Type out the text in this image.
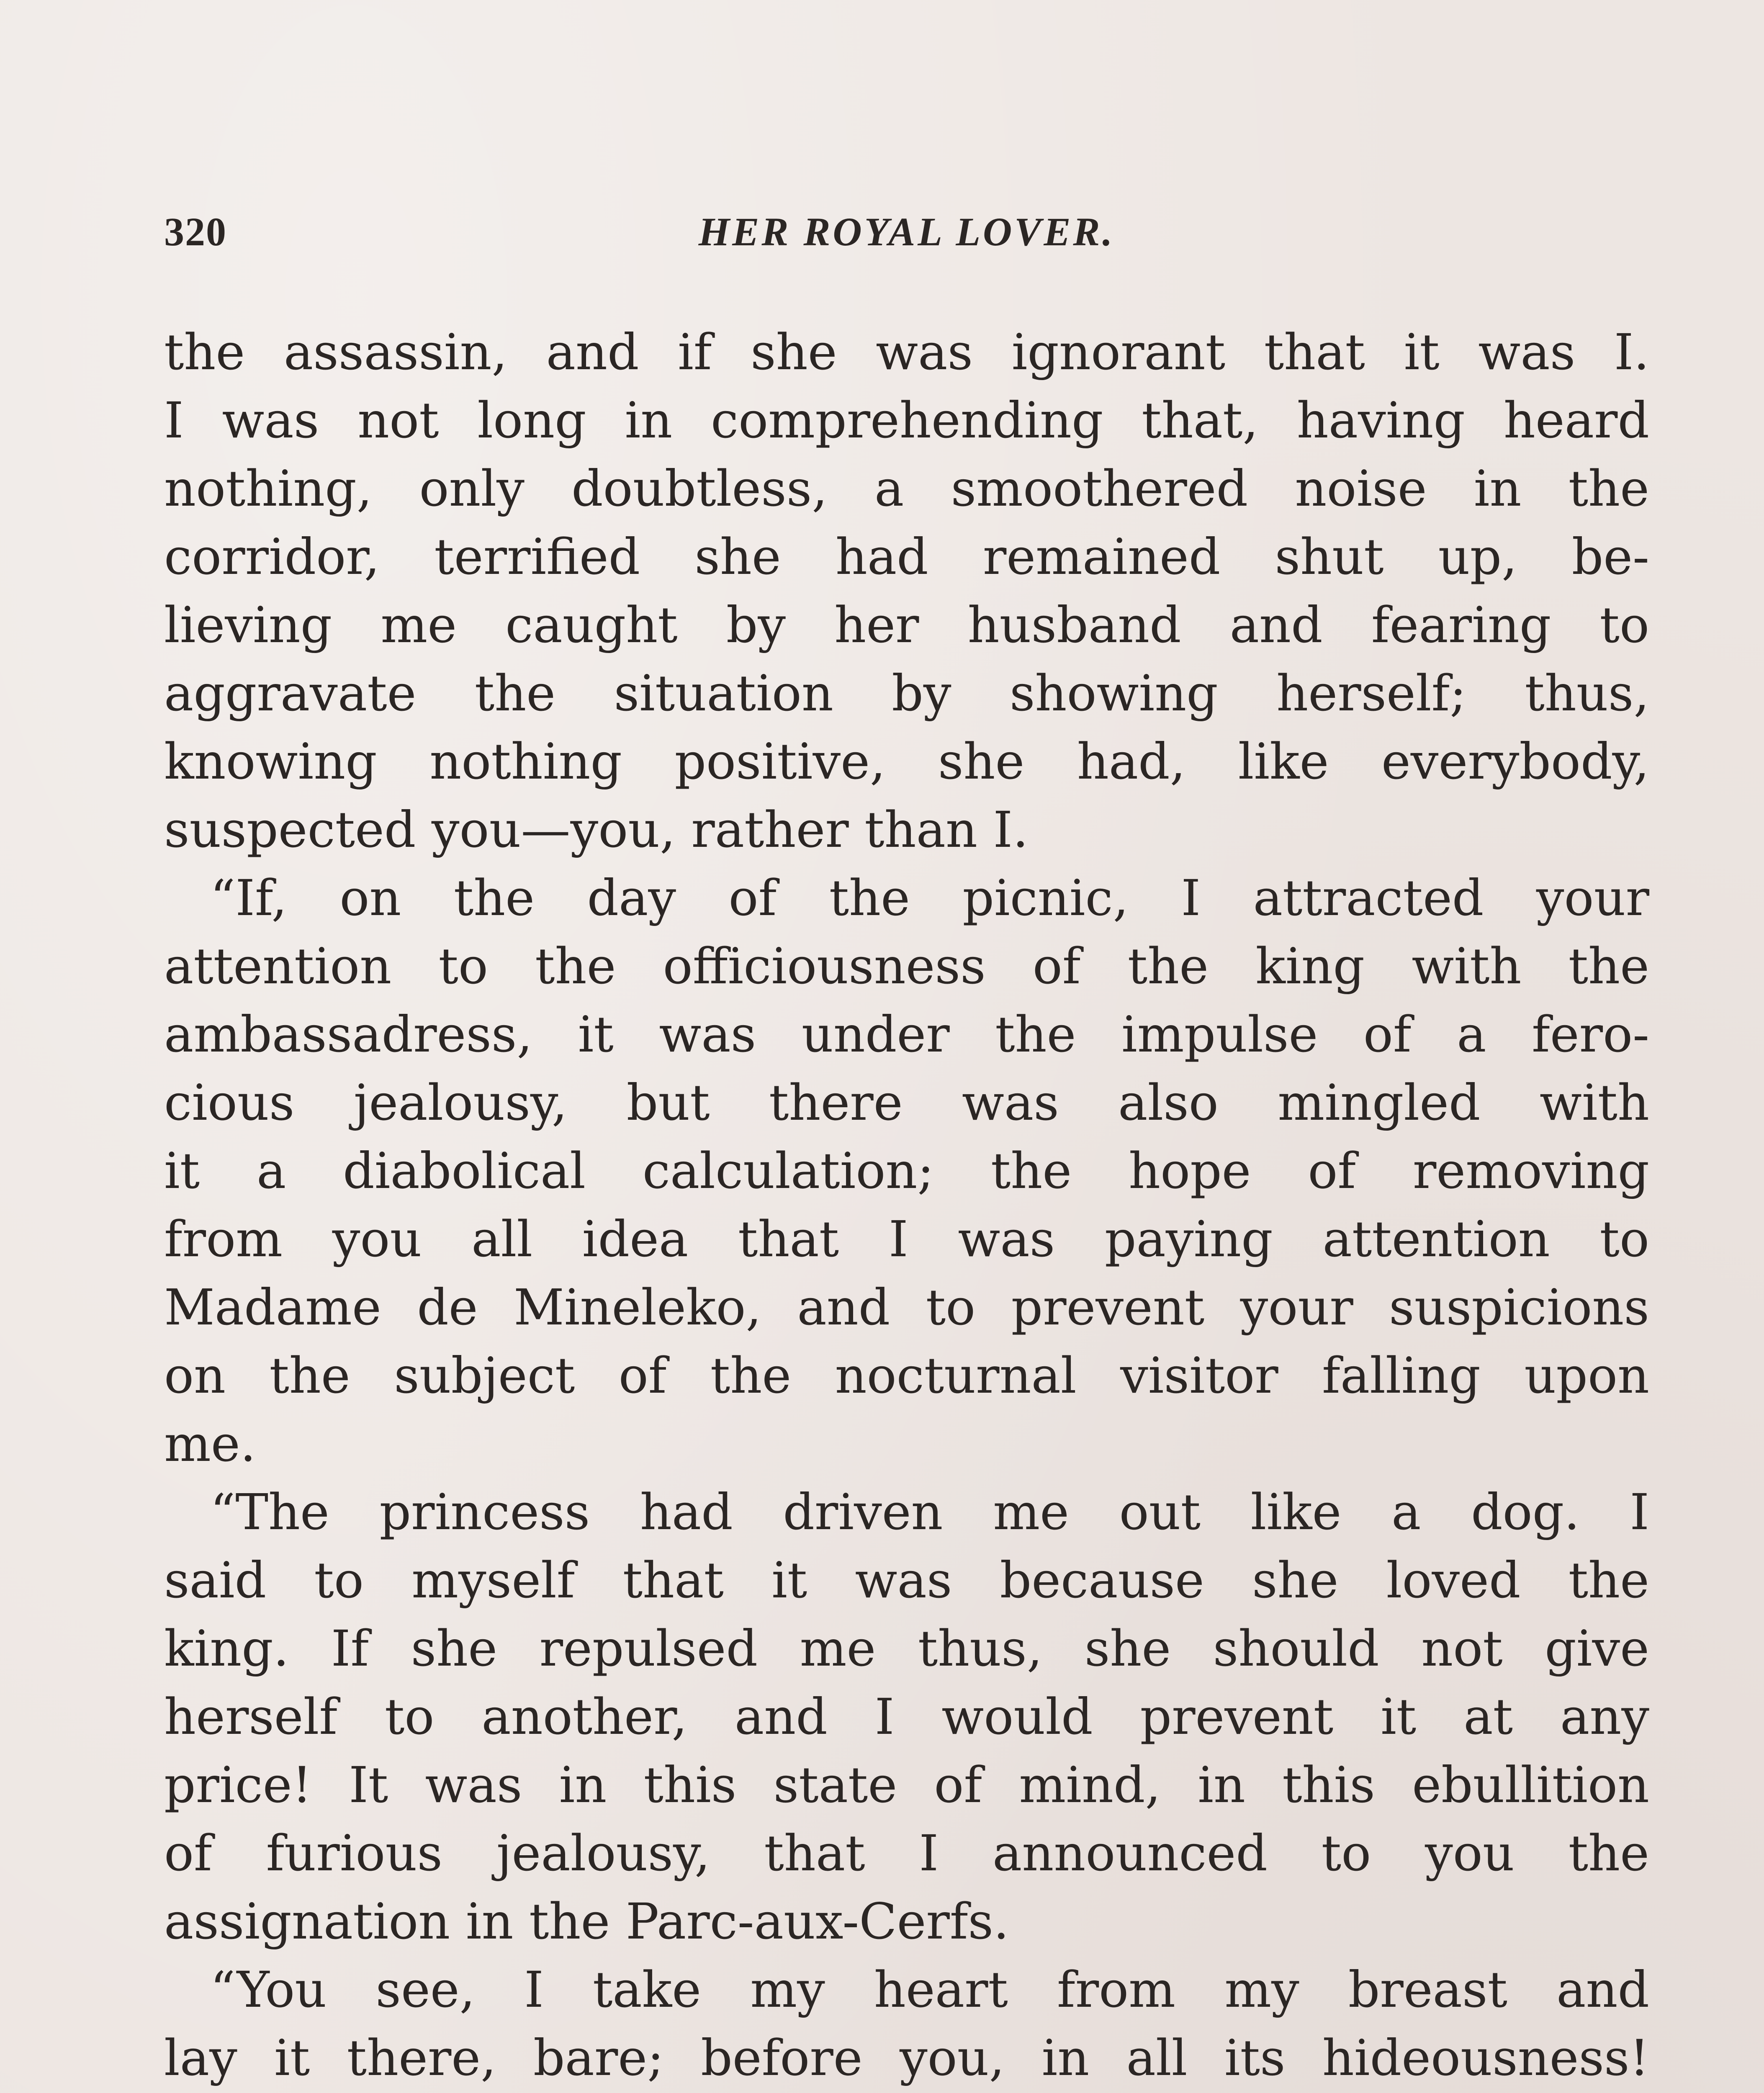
320	HER ROYAL LOVER.
the assassin, and if she was ignorant that it was I.
I was not long in comprehending that, having heard
nothing, only doubtless, a smoothered noise in the
corridor, terrified she had remained shut up, be-
lieving me caught by her husband and fearing to
aggravate the situation by showing herself; thus,
knowing nothing positive, she had, like everybody,
suspected you—you, rather than I.
“If, on the day of the picnic, I attracted your
attention to the officiousness of the king with the
ambassadress, it was under the impulse of a fero-
cious jealousy, but there was also mingled with
it a diabolical calculation; the hope of removing
from you all idea that I was paying attention to
Madame de Mineleko, and to prevent your suspicions
on the subject of the nocturnal visitor falling upon
me.
“The princess had driven me out like a dog. I
said to myself that it was because she loved the
king. If she repulsed me thus, she should not give
herself to another, and I would prevent it at any
price! It was in this state of mind, in this ebullition
of furious jealousy, that I announced to you the
assignation in the Parc-aux-Cerfs.
“You see, I take my heart from my breast and
lay it there, bare; before you, in all its hideousness!
